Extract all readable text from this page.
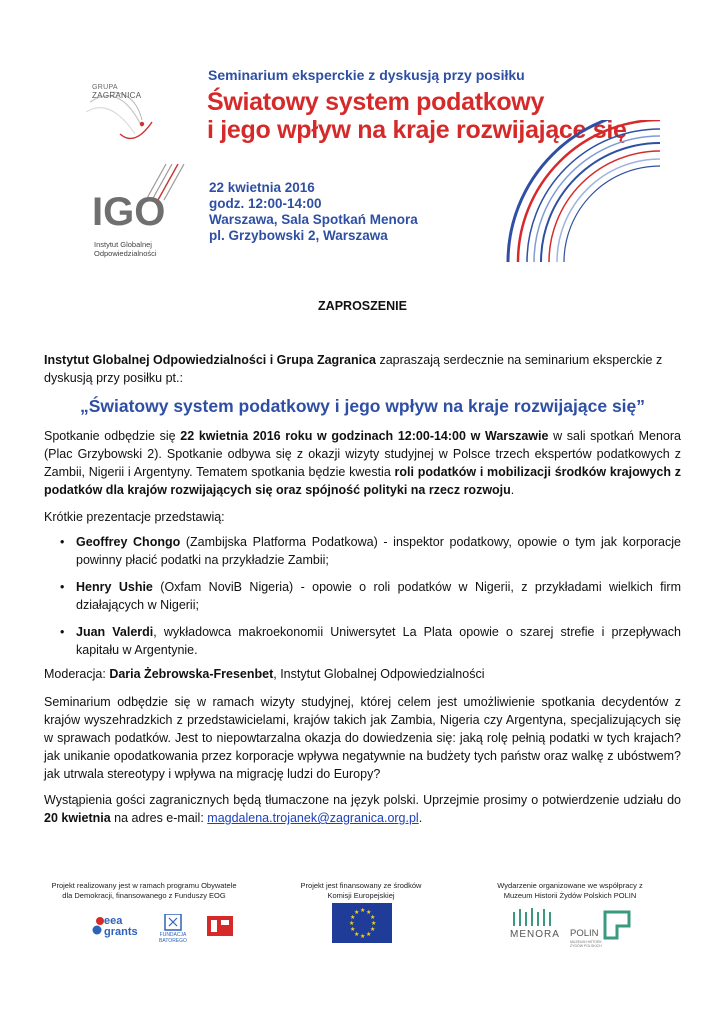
GRUPA
ZAGRANICA
IGO
Instytut Globalnej
Odpowiedzialności
Seminarium eksperckie z dyskusją przy posiłku
Światowy system podatkowy
i jego wpływ na kraje rozwijające się
22 kwietnia 2016
godz. 12:00-14:00
Warszawa, Sala Spotkań Menora
pl. Grzybowski 2, Warszawa
ZAPROSZENIE
Instytut Globalnej Odpowiedzialności i Grupa Zagranica zapraszają serdecznie na seminarium eksperckie z dyskusją przy posiłku pt.:
„Światowy system podatkowy i jego wpływ na kraje rozwijające się”
Spotkanie odbędzie się 22 kwietnia 2016 roku w godzinach 12:00-14:00 w Warszawie w sali spotkań Menora (Plac Grzybowski 2). Spotkanie odbywa się z okazji wizyty studyjnej w Polsce trzech ekspertów podatkowych z Zambii, Nigerii i Argentyny. Tematem spotkania będzie kwestia roli podatków i mobilizacji środków krajowych z podatków dla krajów rozwijających się oraz spójność polityki na rzecz rozwoju.
Krótkie prezentacje przedstawią:
• Geoffrey Chongo (Zambijska Platforma Podatkowa) - inspektor podatkowy, opowie o tym jak korporacje powinny płacić podatki na przykładzie Zambii;
• Henry Ushie (Oxfam NoviB Nigeria) - opowie o roli podatków w Nigerii, z przykładami wielkich firm działających w Nigerii;
• Juan Valerdi, wykładowca makroekonomii Uniwersytet La Plata opowie o szarej strefie i przepływach kapitału w Argentynie.
Moderacja: Daria Żebrowska-Fresenbet, Instytut Globalnej Odpowiedzialności
Seminarium odbędzie się w ramach wizyty studyjnej, której celem jest umożliwienie spotkania decydentów z krajów wyszehradzkich z przedstawicielami, krajów takich jak Zambia, Nigeria czy Argentyna, specjalizujących się w sprawach podatków. Jest to niepowtarzalna okazja do dowiedzenia się: jaką rolę pełnią podatki w tych krajach? jak unikanie opodatkowania przez korporacje wpływa negatywnie na budżety tych państw oraz walkę z ubóstwem? jak utrwala stereotypy i wpływa na migrację ludzi do Europy?
Wystąpienia gości zagranicznych będą tłumaczone na język polski. Uprzejmie prosimy o potwierdzenie udziału do 20 kwietnia na adres e-mail: magdalena.trojanek@zagranica.org.pl.
Projekt realizowany jest w ramach programu Obywatele
dla Demokracji, finansowanego z Funduszy EOG
Projekt jest finansowany ze środków
Komisji Europejskiej
Wydarzenie organizowane we współpracy z
Muzeum Historii Żydów Polskich POLIN
eea
grants	FUNDACJA BATOREGO
★ ★
★
★
★
★
★
★
★
★
★
★
MENORA POLIN
MUZEUM HISTORII ŻYDÓW POLSKICH
